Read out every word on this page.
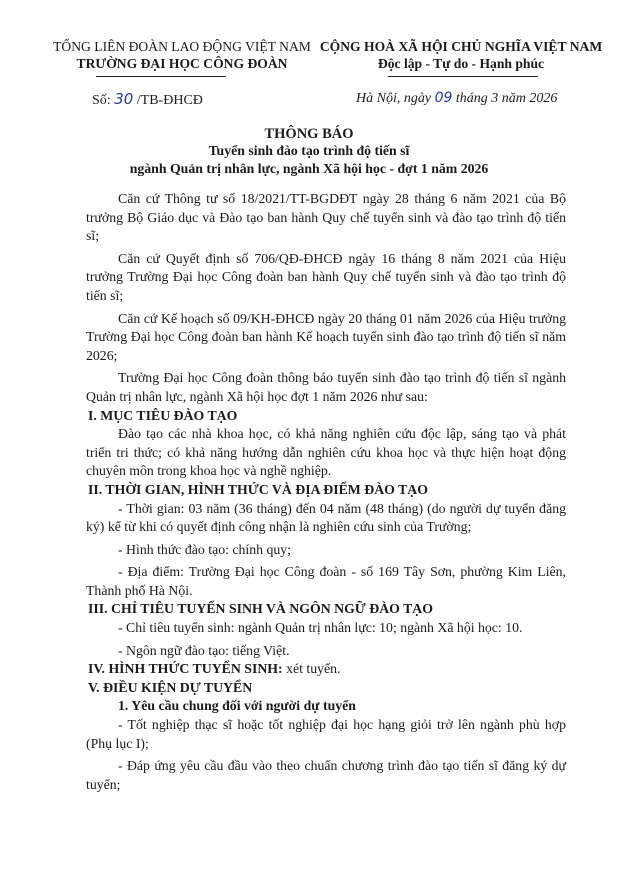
TỔNG LIÊN ĐOÀN LAO ĐỘNG VIỆT NAM
TRƯỜNG ĐẠI HỌC CÔNG ĐOÀN
CỘNG HOÀ XÃ HỘI CHỦ NGHĨA VIỆT NAM
Độc lập - Tự do - Hạnh phúc
Số: 30 /TB-ĐHCĐ	Hà Nội, ngày 09 tháng 3 năm 2026
THÔNG BÁO
Tuyển sinh đào tạo trình độ tiến sĩ
ngành Quản trị nhân lực, ngành Xã hội học - đợt 1 năm 2026

Căn cứ Thông tư số 18/2021/TT-BGDĐT ngày 28 tháng 6 năm 2021 của Bộ trưởng Bộ Giáo dục và Đào tạo ban hành Quy chế tuyển sinh và đào tạo trình độ tiến sĩ;

Căn cứ Quyết định số 706/QĐ-ĐHCĐ ngày 16 tháng 8 năm 2021 của Hiệu trưởng Trường Đại học Công đoàn ban hành Quy chế tuyển sinh và đào tạo trình độ tiến sĩ;

Căn cứ Kế hoạch số 09/KH-ĐHCĐ ngày 20 tháng 01 năm 2026 của Hiệu trưởng Trường Đại học Công đoàn ban hành Kế hoạch tuyển sinh đào tạo trình độ tiến sĩ năm 2026;

Trường Đại học Công đoàn thông báo tuyển sinh đào tạo trình độ tiến sĩ ngành Quản trị nhân lực, ngành Xã hội học đợt 1 năm 2026 như sau:

I. MỤC TIÊU ĐÀO TẠO

Đào tạo các nhà khoa học, có khả năng nghiên cứu độc lập, sáng tạo và phát triển tri thức; có khả năng hướng dẫn nghiên cứu khoa học và thực hiện hoạt động chuyên môn trong khoa học và nghề nghiệp.

II. THỜI GIAN, HÌNH THỨC VÀ ĐỊA ĐIỂM ĐÀO TẠO

- Thời gian: 03 năm (36 tháng) đến 04 năm (48 tháng) (do người dự tuyển đăng ký) kể từ khi có quyết định công nhận là nghiên cứu sinh của Trường;

- Hình thức đào tạo: chính quy;

- Địa điểm: Trường Đại học Công đoàn - số 169 Tây Sơn, phường Kim Liên, Thành phố Hà Nội.

III. CHỈ TIÊU TUYỂN SINH VÀ NGÔN NGỮ ĐÀO TẠO

- Chỉ tiêu tuyển sinh: ngành Quản trị nhân lực: 10; ngành Xã hội học: 10.

- Ngôn ngữ đào tạo: tiếng Việt.

IV. HÌNH THỨC TUYỂN SINH: xét tuyển.

V. ĐIỀU KIỆN DỰ TUYỂN

1. Yêu cầu chung đối với người dự tuyển

- Tốt nghiệp thạc sĩ hoặc tốt nghiệp đại học hạng giỏi trở lên ngành phù hợp (Phụ lục I);

- Đáp ứng yêu cầu đầu vào theo chuẩn chương trình đào tạo tiến sĩ đăng ký dự tuyển;
